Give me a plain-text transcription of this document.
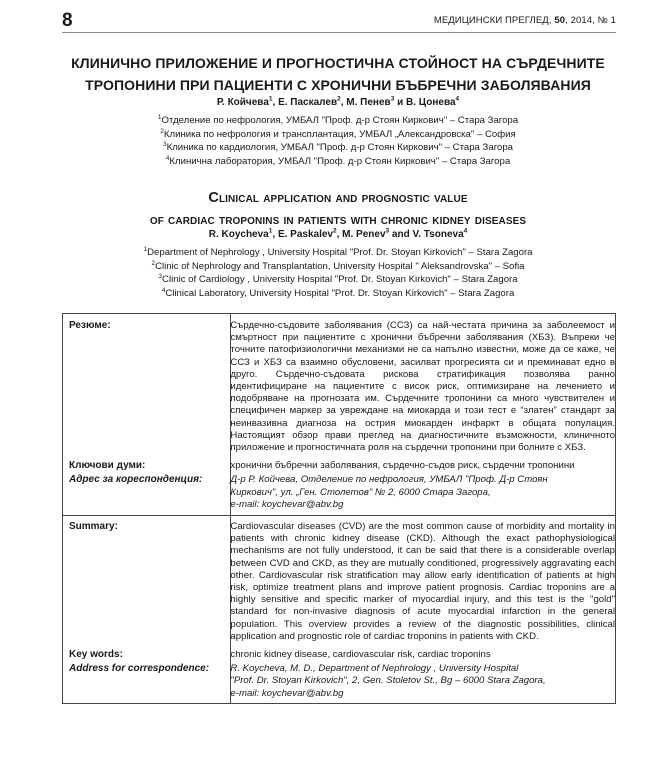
8	МЕДИЦИНСКИ ПРЕГЛЕД, 50, 2014, № 1
КЛИНИЧНО ПРИЛОЖЕНИЕ И ПРОГНОСТИЧНА СТОЙНОСТ НА СЪРДЕЧНИТЕ
ТРОПОНИНИ ПРИ ПАЦИЕНТИ С ХРОНИЧНИ БЪБРЕЧНИ ЗАБОЛЯВАНИЯ
Р. Койчева$^1$, Е. Паскалев$^2$, М. Пенев$^3$ и В. Цонева$^4$
$^1$Отделение по нефрология, УМБАЛ "Проф. д-р Стоян Киркович" – Стара Загора
$^2$Клиника по нефрология и трансплантация, УМБАЛ „Александровска" – София
$^3$Клиника по кардиология, УМБАЛ "Проф. д-р Стоян Киркович" – Стара Загора
$^4$Клинична лаборатория, УМБАЛ "Проф. д-р Стоян Киркович" – Стара Загора
Clinical application and prognostic value
of cardiac troponins in patients with chronic kidney diseases
R. Koycheva$^1$, E. Paskalev$^2$, M. Penev$^3$ and V. Tsoneva$^4$
$^1$Department of Nephrology , University Hospital "Prof. Dr. Stoyan Kirkovich" – Stara Zagora
$^2$Clinic of Nephrology and Transplantation, University Hospital " Aleksandrovska" – Sofia
$^3$Clinic of Cardiology , University Hospital "Prof. Dr. Stoyan Kirkovich" – Stara Zagora
$^4$Clinical Laboratory, University Hospital "Prof. Dr. Stoyan Kirkovich" – Stara Zagora
Резюме:	Сърдечно-съдовите заболявания (ССЗ) са най-честата причина за заболеемост и смъртност при пациентите с хронични бъбречни заболявания (ХБЗ). Въпреки че точните патофизиологични механизми не са напълно известни, може да се каже, че ССЗ и ХБЗ са взаимно обусловени, засилват прогресията си и преминават едно в друго. Сърдечно-съдовата рискова стратификация позволява ранно идентифициране на пациентите с висок риск, оптимизиране на лечението и подобряване на прогнозата им. Сърдечните тропонини са много чувствителен и специфичен маркер за увреждане на миокарда и този тест е “златен” стандарт за неинвазивна диагноза на острия миокарден инфаркт в общата популация. Настоящият обзор прави преглед на диагностичните възможности, клиничното приложение и прогностичната роля на сърдечни тропонини при болните с ХБЗ.
Ключови думи:	хронични бъбречни заболявания, сърдечно-съдов риск, сърдечни тропонини
Адрес за кореспонденция:	Д-р Р. Койчева, Отделение по нефрология, УМБАЛ "Проф. Д-р Стоян
Киркович", ул. „Ген. Столетов" № 2, 6000 Стара Загора,
e-mail: koychevar@abv.bg
Summary:	Cardiovascular diseases (CVD) are the most common cause of morbidity and mortality in patients with chronic kidney disease (CKD). Although the exact pathophysiological mechanisms are not fully understood, it can be said that there is a considerable overlap between CVD and CKD, as they are mutually conditioned, progressively aggravating each other. Cardiovascular risk stratification may allow early identification of patients at high risk, optimize treatment plans and improve patient prognosis. Cardiac troponins are a highly sensitive and specific marker of myocardial injury, and this test is the "gold" standard for non-invasive diagnosis of acute myocardial infarction in the general population. This overview provides a review of the diagnostic possibilities, clinical application and prognostic role of cardiac troponins in patients with CKD.
Key words:	chronic kidney disease, cardiovascular risk, cardiac troponins
Address for correspondence:	R. Koycheva, M. D., Department of Nephrology , University Hospital
"Prof. Dr. Stoyan Kirkovich", 2, Gen. Stoletov St., Bg – 6000 Stara Zagora,
e-mail: koychevar@abv.bg
